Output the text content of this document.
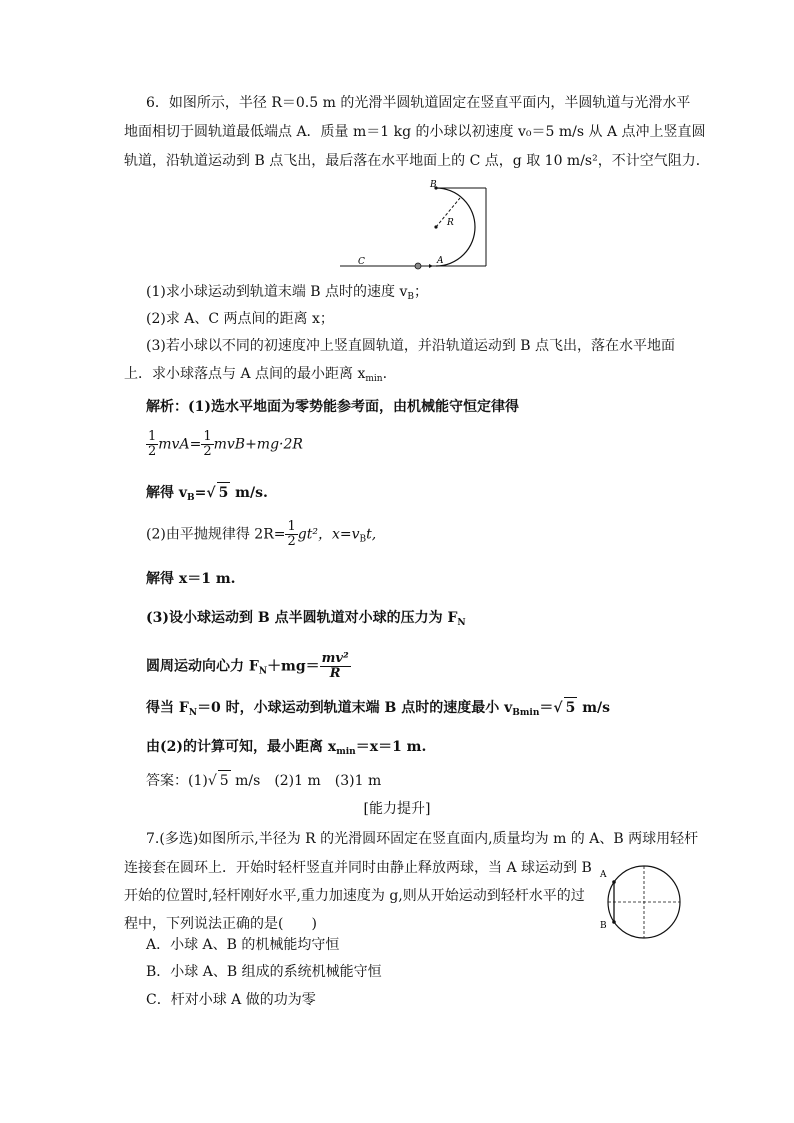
6．如图所示，半径 R＝0.5 m 的光滑半圆轨道固定在竖直平面内，半圆轨道与光滑水平
地面相切于圆轨道最低端点 A．质量 m＝1 kg 的小球以初速度 v₀＝5 m/s 从 A 点冲上竖直圆
轨道，沿轨道运动到 B 点飞出，最后落在水平地面上的 C 点，g 取 10 m/s²，不计空气阻力．
B
R
C	A
(1)求小球运动到轨道末端 B 点时的速度 $v_B$；
(2)求 A、C 两点间的距离 x；
(3)若小球以不同的初速度冲上竖直圆轨道，并沿轨道运动到 B 点飞出，落在水平地面
上．求小球落点与 A 点间的最小距离 $x_{min}$.
解析：(1)选水平地面为零势能参考面，由机械能守恒定律得
$\frac{1}{2} mvA= \frac{1}{2} mvB+mg\cdot 2R$
解得 $v_B=√$ 5 m/s.
(2)由平抛规律得 $2R= \frac{1}{2} gt^2$，$x=v_Bt$,
解得 x＝1 m.
(3)设小球运动到 B 点半圆轨道对小球的压力为 $F_N$
圆周运动向心力 $F_N+mg= \frac{\text{mv²}}{R}$
得当 $F_N=0$ 时，小球运动到轨道末端 B 点时的速度最小 $v_{Bmin}=√$ 5 m/s
由(2)的计算可知，最小距离 $x_{min}=x=1$ m.
答案：(1)√ 5 m/s　(2)1 m　(3)1 m
[能力提升]
7.(多选)如图所示,半径为 R 的光滑圆环固定在竖直面内,质量均为 m 的 A、B 两球用轻杆
连接套在圆环上．开始时轻杆竖直并同时由静止释放两球，当 A 球运动到 B
开始的位置时,轻杆刚好水平,重力加速度为 g,则从开始运动到轻杆水平的过
程中，下列说法正确的是(　　)
A
B
A．小球 A、B 的机械能均守恒
B．小球 A、B 组成的系统机械能守恒
C．杆对小球 A 做的功为零
